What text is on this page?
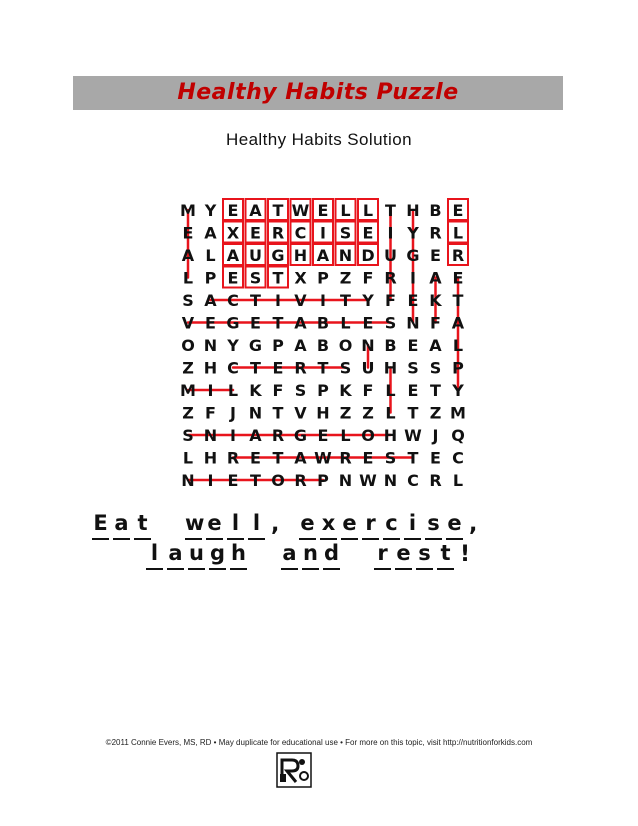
Healthy Habits Puzzle
Healthy Habits Solution
M Y E A T W E L L T H B E
E A X E R C I S E I Y R L
A L A U G H A N D U G E R
L P E S T X P Z F R I A E
S A C T I V I T Y F E K T
V E G E T A B L E S N F A
O N Y G P A B O N B E A L
Z H C T E R T S U H S S P
M I L K F S P K F L E T Y
Z F J N T V H Z Z L T Z M
S N I A R G E L O H W J Q
L H R E T A W R E S T E C
N I E T O R P N W N C R L
E a t w e l l , e x e r c i s e ,
l a u g h a n d r e s t !
©2011 Connie Evers, MS, RD • May duplicate for educational use • For more on this topic, visit http://nutritionforkids.com
